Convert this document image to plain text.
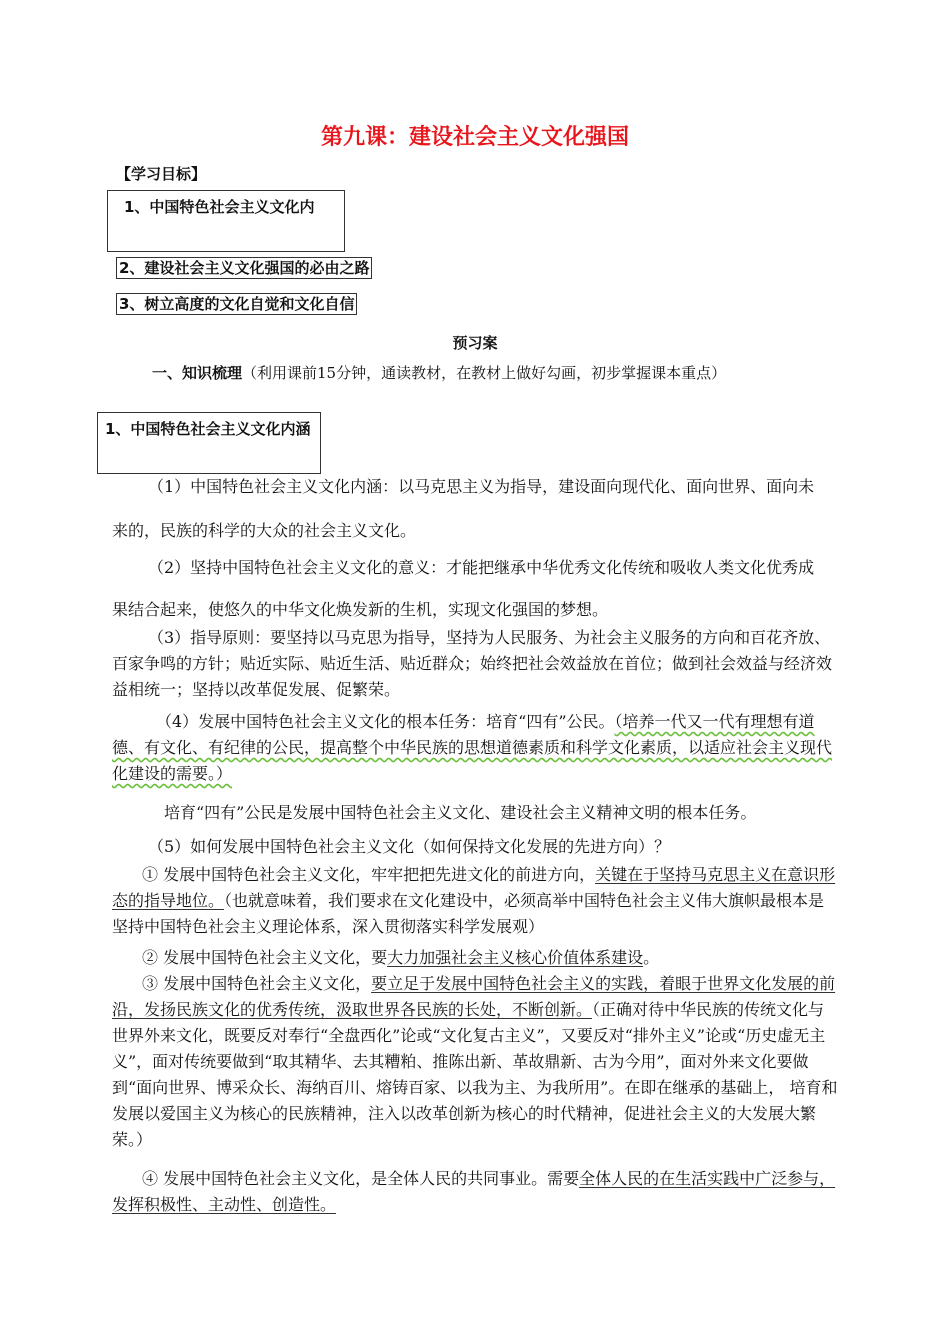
第九课：建设社会主义文化强国
【学习目标】
1、中国特色社会主义文化内
2、建设社会主义文化强国的必由之路
3、树立高度的文化自觉和文化自信
预习案
一、知识梳理（利用课前15分钟，通读教材，在教材上做好勾画，初步掌握课本重点）
1、中国特色社会主义文化内涵
（1）中国特色社会主义文化内涵：以马克思主义为指导，建设面向现代化、面向世界、面向未
来的，民族的科学的大众的社会主义文化。
（2）坚持中国特色社会主义文化的意义：才能把继承中华优秀文化传统和吸收人类文化优秀成
果结合起来，使悠久的中华文化焕发新的生机，实现文化强国的梦想。
（3）指导原则：要坚持以马克思为指导，坚持为人民服务、为社会主义服务的方向和百花齐放、百家争鸣的方针；贴近实际、贴近生活、贴近群众；始终把社会效益放在首位；做到社会效益与经济效益相统一；坚持以改革促发展、促繁荣。
（4）发展中国特色社会主义文化的根本任务：培育“四有”公民。（培养一代又一代有理想有道德、有文化、有纪律的公民，提高整个中华民族的思想道德素质和科学文化素质，以适应社会主义现代化建设的需要。）
培育“四有”公民是发展中国特色社会主义文化、建设社会主义精神文明的根本任务。
（5）如何发展中国特色社会主义文化（如何保持文化发展的先进方向）？
① 发展中国特色社会主义文化，牢牢把把先进文化的前进方向，关键在于坚持马克思主义在意识形态的指导地位。（也就意味着，我们要求在文化建设中，必须高举中国特色社会主义伟大旗帜最根本是坚持中国特色社会主义理论体系，深入贯彻落实科学发展观）
② 发展中国特色社会主义文化，要大力加强社会主义核心价值体系建设。
③ 发展中国特色社会主义文化，要立足于发展中国特色社会主义的实践，着眼于世界文化发展的前沿，发扬民族文化的优秀传统，汲取世界各民族的长处，不断创新。（正确对待中华民族的传统文化与世界外来文化，既要反对奉行“全盘西化”论或“文化复古主义”，又要反对“排外主义”论或“历史虚无主义”，面对传统要做到“取其精华、去其糟粕、推陈出新、革故鼎新、古为今用”，面对外来文化要做到“面向世界、博采众长、海纳百川、熔铸百家、以我为主、为我所用”。在即在继承的基础上， 培育和发展以爱国主义为核心的民族精神，注入以改革创新为核心的时代精神，促进社会主义的大发展大繁荣。）
④ 发展中国特色社会主义文化，是全体人民的共同事业。需要全体人民的在生活实践中广泛参与，发挥积极性、主动性、创造性。
